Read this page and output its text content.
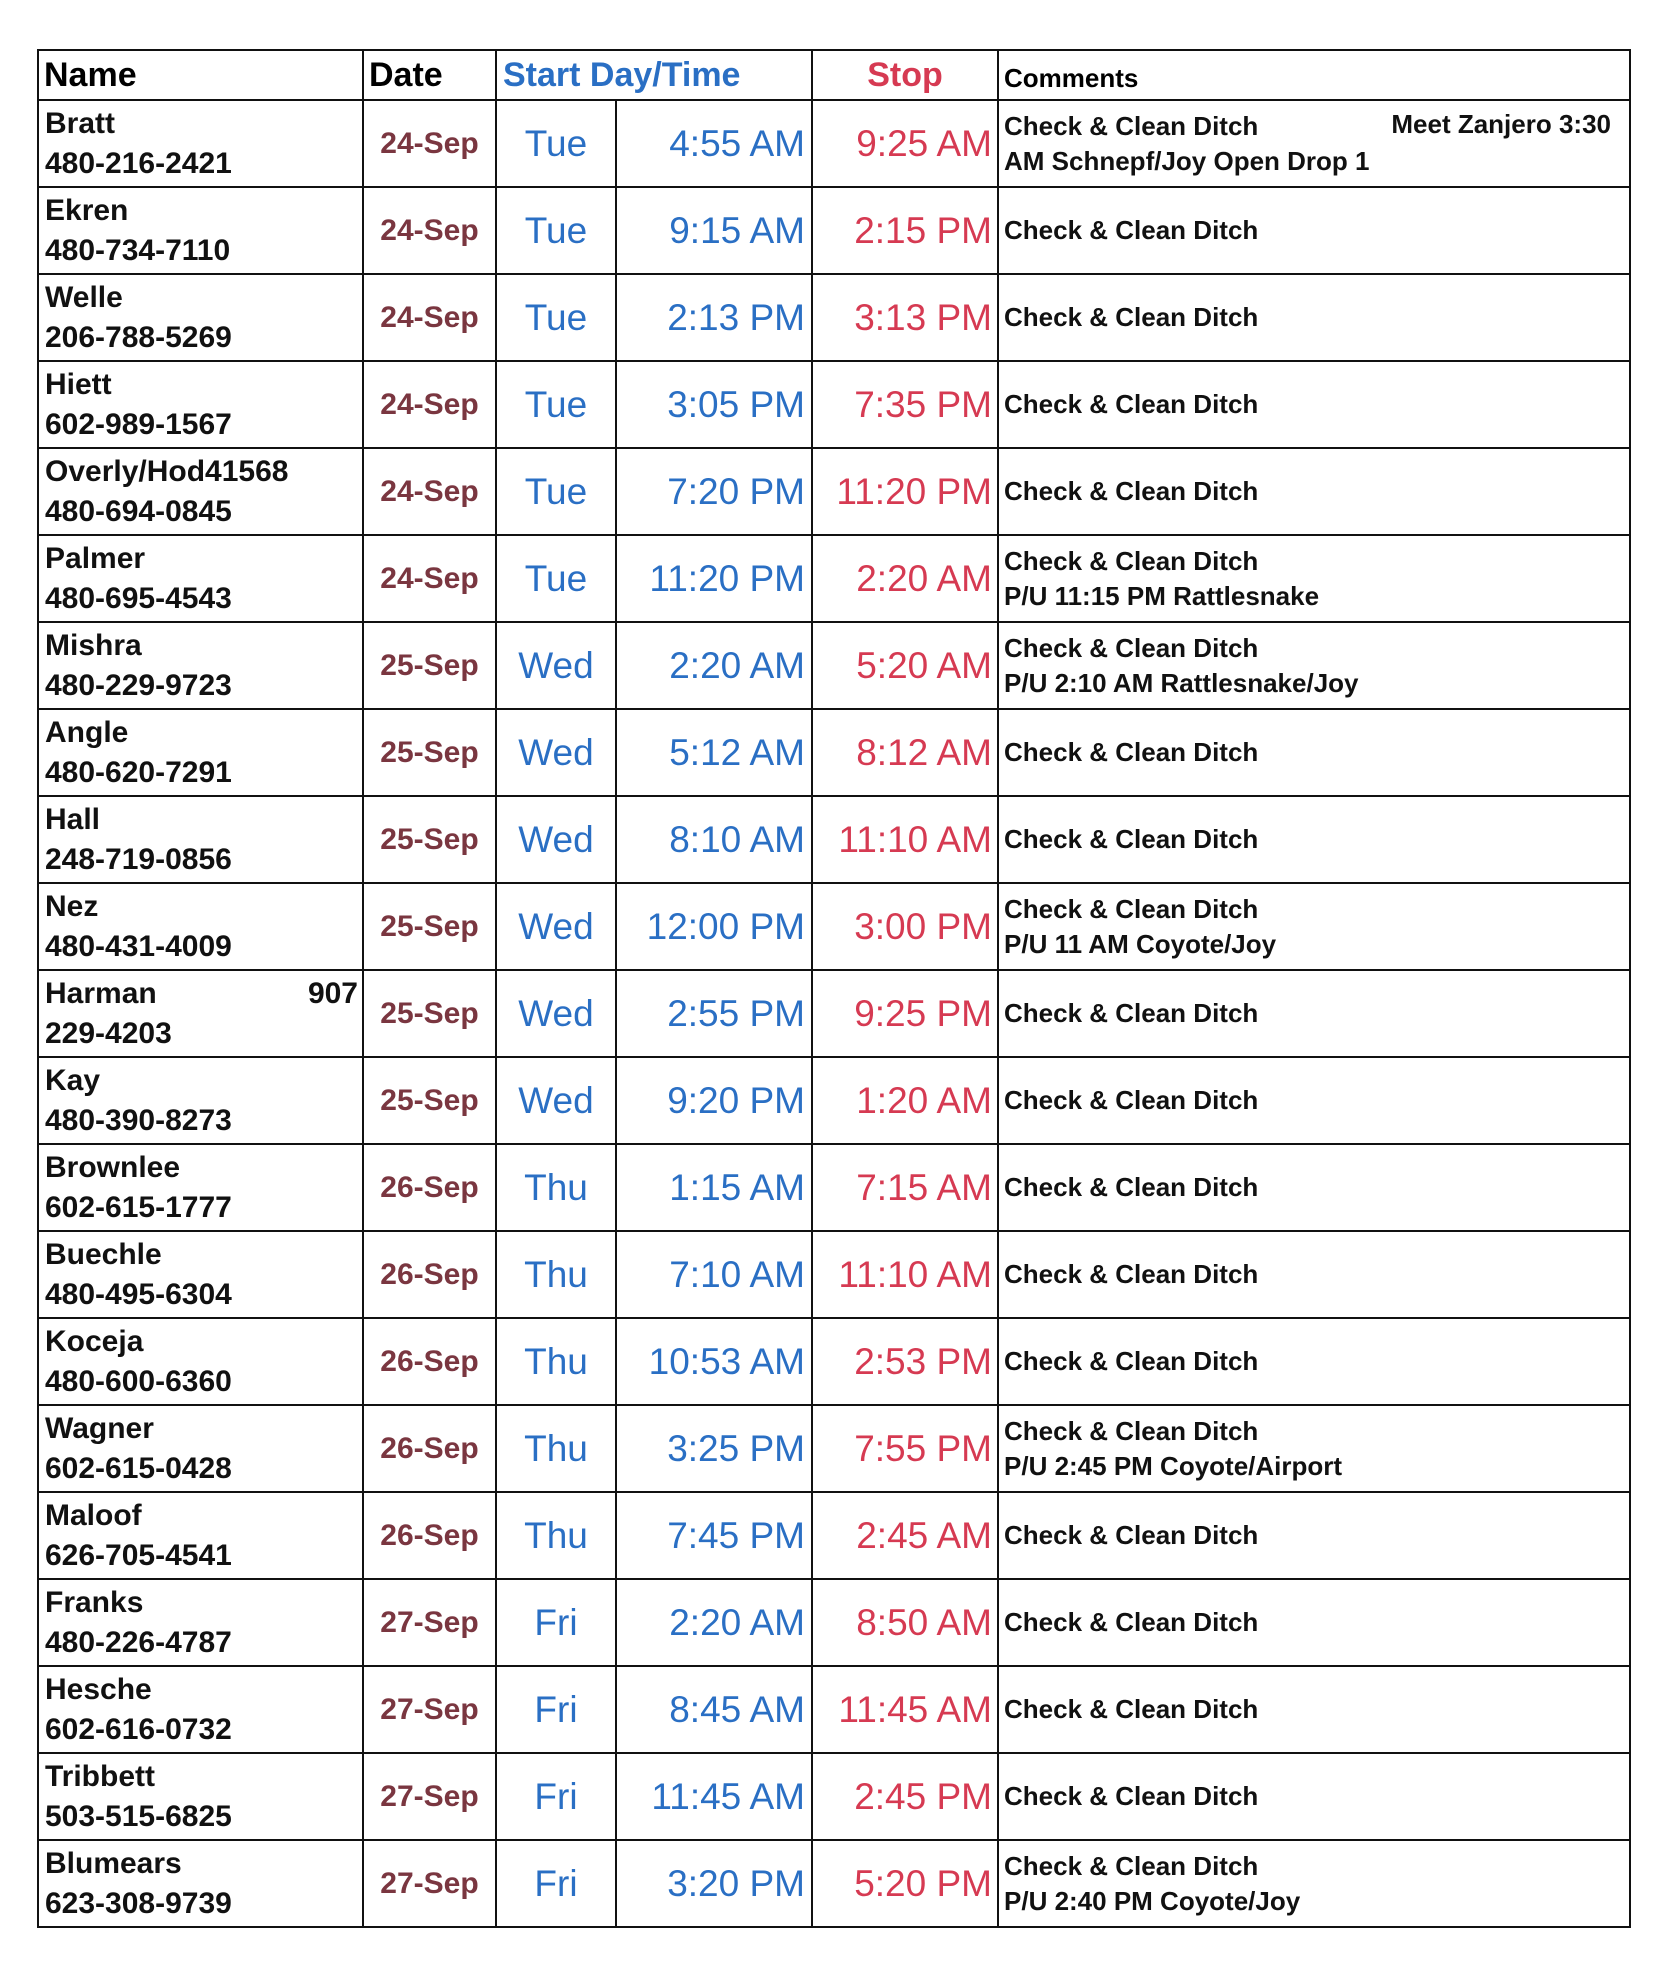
Name	Date	Start Day/Time		Stop	Comments

Bratt
480-216-2421	24-Sep	Tue	4:55 AM	9:25 AM	Check & Clean Ditch
AM Schnepf/Joy Open Drop 1
Meet Zanjero 3:30

Ekren
480-734-7110	24-Sep	Tue	9:15 AM	2:15 PM	Check & Clean Ditch

Welle
206-788-5269	24-Sep	Tue	2:13 PM	3:13 PM	Check & Clean Ditch

Hiett
602-989-1567	24-Sep	Tue	3:05 PM	7:35 PM	Check & Clean Ditch

Overly/Hod41568
480-694-0845	24-Sep	Tue	7:20 PM	11:20 PM	Check & Clean Ditch

Palmer
480-695-4543	24-Sep	Tue	11:20 PM	2:20 AM	Check & Clean Ditch
P/U 11:15 PM Rattlesnake

Mishra
480-229-9723	25-Sep	Wed	2:20 AM	5:20 AM	Check & Clean Ditch
P/U 2:10 AM Rattlesnake/Joy

Angle
480-620-7291	25-Sep	Wed	5:12 AM	8:12 AM	Check & Clean Ditch

Hall
248-719-0856	25-Sep	Wed	8:10 AM	11:10 AM	Check & Clean Ditch

Nez
480-431-4009	25-Sep	Wed	12:00 PM	3:00 PM	Check & Clean Ditch
P/U 11 AM Coyote/Joy

Harman 907
229-4203	25-Sep	Wed	2:55 PM	9:25 PM	Check & Clean Ditch

Kay
480-390-8273	25-Sep	Wed	9:20 PM	1:20 AM	Check & Clean Ditch

Brownlee
602-615-1777	26-Sep	Thu	1:15 AM	7:15 AM	Check & Clean Ditch

Buechle
480-495-6304	26-Sep	Thu	7:10 AM	11:10 AM	Check & Clean Ditch

Koceja
480-600-6360	26-Sep	Thu	10:53 AM	2:53 PM	Check & Clean Ditch

Wagner
602-615-0428	26-Sep	Thu	3:25 PM	7:55 PM	Check & Clean Ditch
P/U 2:45 PM Coyote/Airport

Maloof
626-705-4541	26-Sep	Thu	7:45 PM	2:45 AM	Check & Clean Ditch

Franks
480-226-4787	27-Sep	Fri	2:20 AM	8:50 AM	Check & Clean Ditch

Hesche
602-616-0732	27-Sep	Fri	8:45 AM	11:45 AM	Check & Clean Ditch

Tribbett
503-515-6825	27-Sep	Fri	11:45 AM	2:45 PM	Check & Clean Ditch

Blumears
623-308-9739	27-Sep	Fri	3:20 PM	5:20 PM	Check & Clean Ditch
P/U 2:40 PM Coyote/Joy
